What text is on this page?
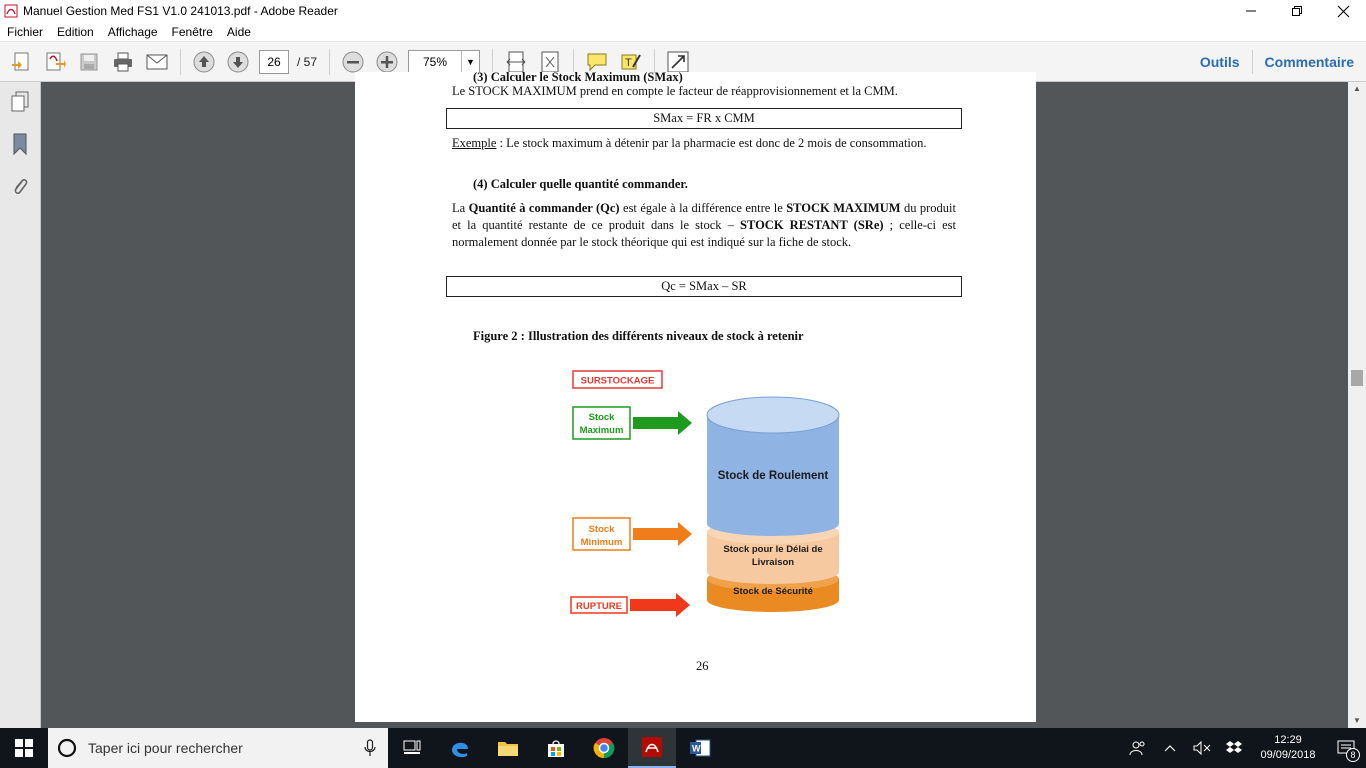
Manuel Gestion Med FS1 V1.0 241013.pdf - Adobe Reader
Fichier	Edition	Affichage	Fenêtre	Aide
26	/ 57	75%	▼	T	Outils	Commentaire
(3) Calculer le Stock Maximum (SMax)
Le STOCK MAXIMUM prend en compte le facteur de réapprovisionnement et la CMM.
SMax = FR x CMM
Exemple : Le stock maximum à détenir par la pharmacie est donc de 2 mois de consommation.
(4) Calculer quelle quantité commander.
La Quantité à commander (Qc) est égale à la différence entre le STOCK MAXIMUM du produit et la quantité restante de ce produit dans le stock – STOCK RESTANT (SRe) ; celle-ci est normalement donnée par le stock théorique qui est indiqué sur la fiche de stock.
Qc = SMax – SR
Figure 2 : Illustration des différents niveaux de stock à retenir
SURSTOCKAGE
Stock
Maximum
Stock
Minimum
RUPTURE
Stock de Roulement
Stock pour le Délai de
Livraison
Stock de Sécurité
26
▲
▼
Taper ici pour rechercher	W
12:29
09/09/2018	8
